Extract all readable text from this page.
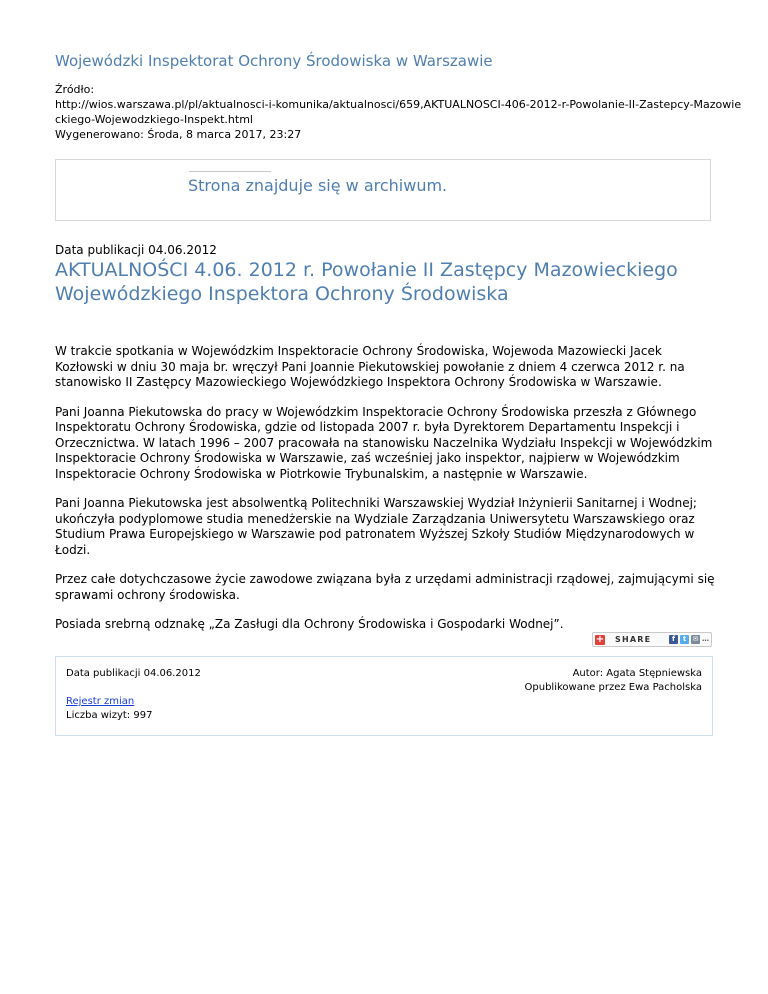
Wojewódzki Inspektorat Ochrony Środowiska w Warszawie
Źródło:
http://wios.warszawa.pl/pl/aktualnosci-i-komunika/aktualnosci/659,AKTUALNOSCI-406-2012-r-Powolanie-II-Zastepcy-Mazowie
ckiego-Wojewodzkiego-Inspekt.html
Wygenerowano: Środa, 8 marca 2017, 23:27
Strona znajduje się w archiwum.
Data publikacji 04.06.2012
AKTUALNOŚCI 4.06. 2012 r. Powołanie II Zastępcy Mazowieckiego Wojewódzkiego Inspektora Ochrony Środowiska

W trakcie spotkania w Wojewódzkim Inspektoracie Ochrony Środowiska, Wojewoda Mazowiecki Jacek Kozłowski w dniu 30 maja br. wręczył Pani Joannie Piekutowskiej powołanie z dniem 4 czerwca 2012 r. na stanowisko II Zastępcy Mazowieckiego Wojewódzkiego Inspektora Ochrony Środowiska w Warszawie.

Pani Joanna Piekutowska do pracy w Wojewódzkim Inspektoracie Ochrony Środowiska przeszła z Głównego Inspektoratu Ochrony Środowiska, gdzie od listopada 2007 r. była Dyrektorem Departamentu Inspekcji i Orzecznictwa. W latach 1996 – 2007 pracowała na stanowisku Naczelnika Wydziału Inspekcji w Wojewódzkim Inspektoracie Ochrony Środowiska w Warszawie, zaś wcześniej jako inspektor, najpierw w Wojewódzkim Inspektoracie Ochrony Środowiska w Piotrkowie Trybunalskim, a następnie w Warszawie.

Pani Joanna Piekutowska jest absolwentką Politechniki Warszawskiej Wydział Inżynierii Sanitarnej i Wodnej; ukończyła podyplomowe studia menedżerskie na Wydziale Zarządzania Uniwersytetu Warszawskiego oraz Studium Prawa Europejskiego w Warszawie pod patronatem Wyższej Szkoły Studiów Międzynarodowych w Łodzi.

Przez całe dotychczasowe życie zawodowe związana była z urzędami administracji rządowej, zajmującymi się sprawami ochrony środowiska.

Posiada srebrną odznakę „Za Zasługi dla Ochrony Środowiska i Gospodarki Wodnej”.

+ SHARE	f	t ✉ …
Data publikacji 04.06.2012
Rejestr zmian
Liczba wizyt: 997
Autor: Agata Stępniewska
Opublikowane przez Ewa Pacholska
